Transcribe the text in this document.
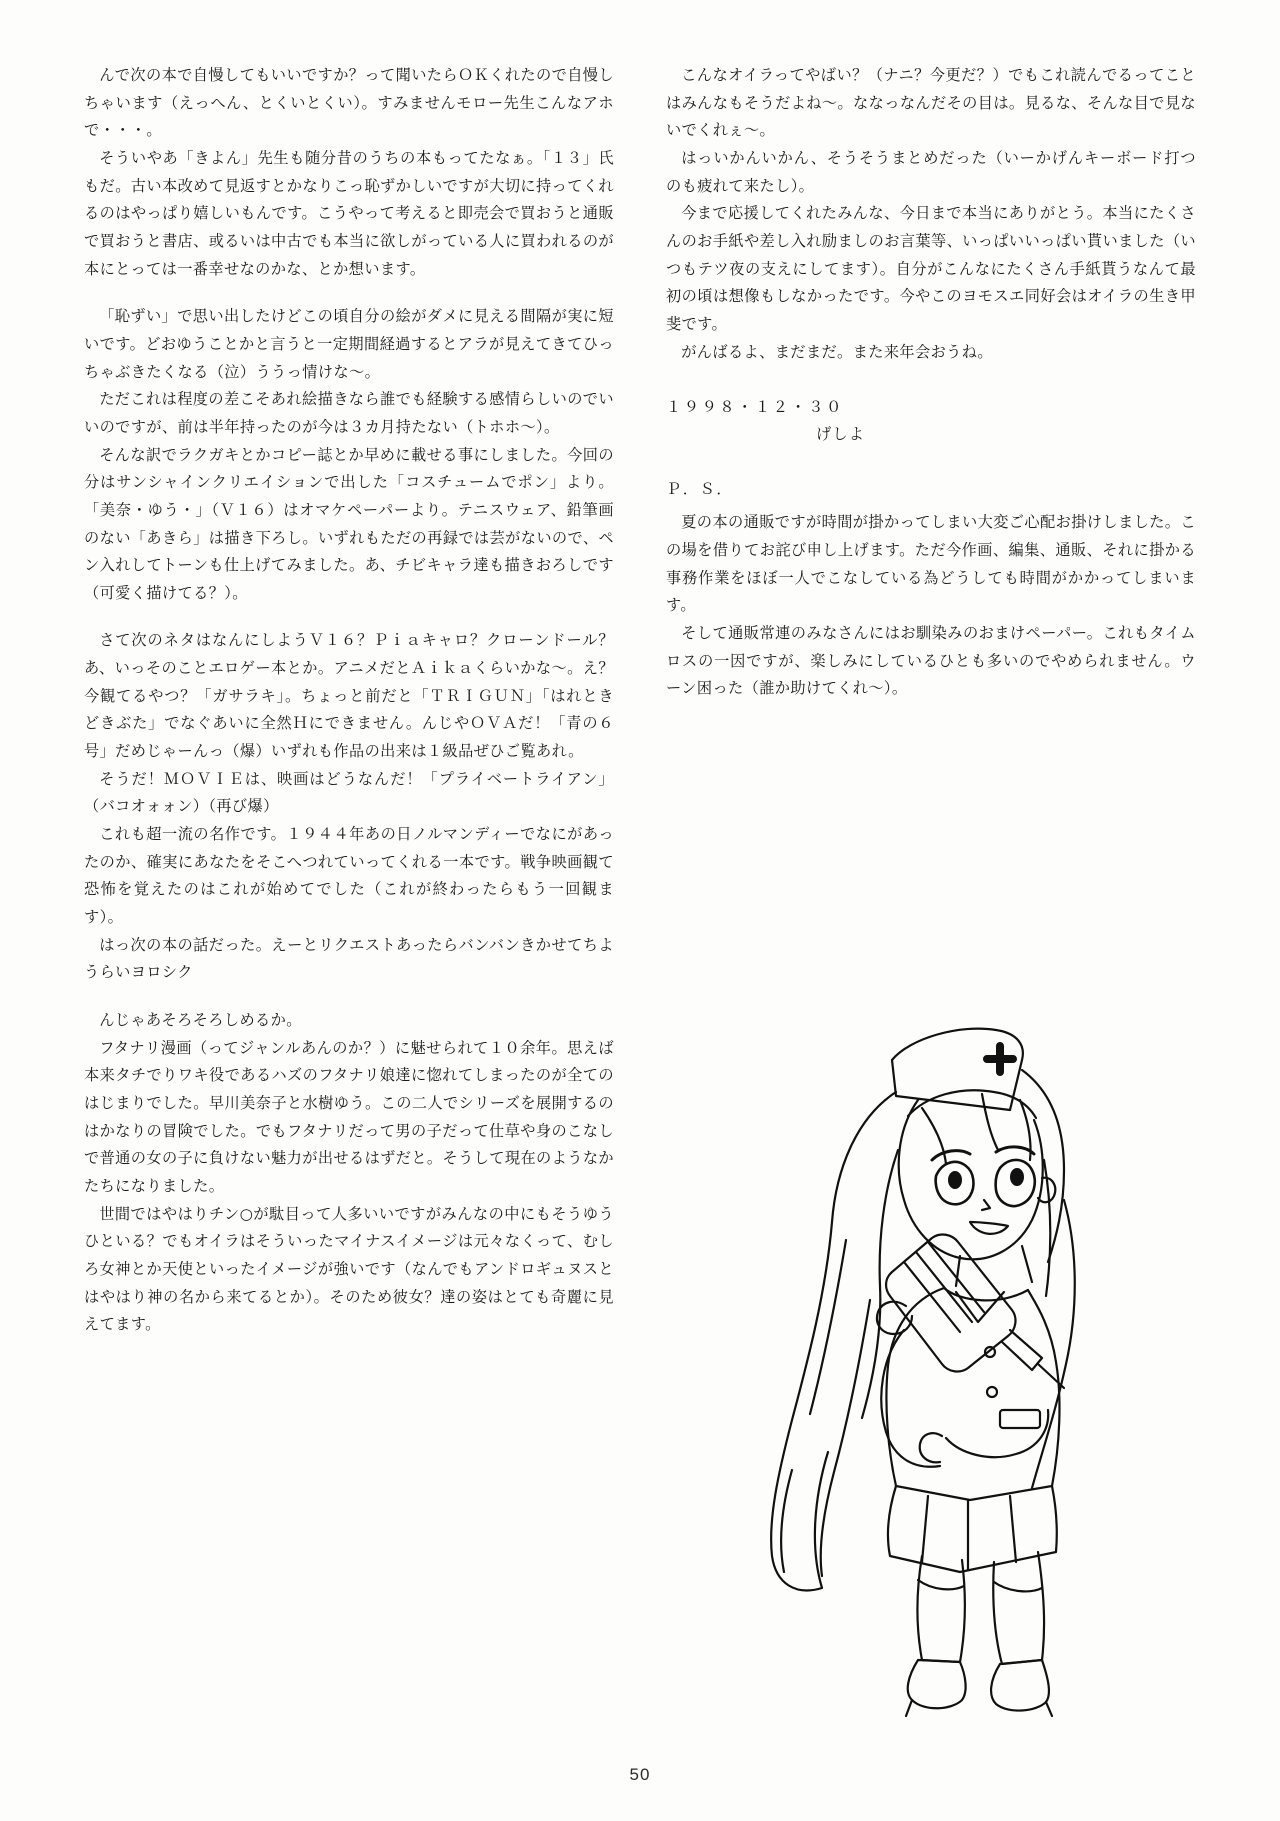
んで次の本で自慢してもいいですか？って聞いたらＯＫくれたので自慢しちゃいます（えっへん、とくいとくい）。すみませんモロー先生こんなアホで・・・。

そういやあ「きよん」先生も随分昔のうちの本もってたなぁ。「１３」氏もだ。古い本改めて見返すとかなりこっ恥ずかしいですが大切に持ってくれるのはやっぱり嬉しいもんです。こうやって考えると即売会で買おうと通販で買おうと書店、或るいは中古でも本当に欲しがっている人に買われるのが本にとっては一番幸せなのかな、とか想います。

「恥ずい」で思い出したけどこの頃自分の絵がダメに見える間隔が実に短いです。どおゆうことかと言うと一定期間経過するとアラが見えてきてひっちゃぶきたくなる（泣）ううっ情けな〜。

ただこれは程度の差こそあれ絵描きなら誰でも経験する感情らしいのでいいのですが、前は半年持ったのが今は３カ月持たない（トホホ〜）。

そんな訳でラクガキとかコピー誌とか早めに載せる事にしました。今回の分はサンシャインクリエイションで出した「コスチュームでポン」より。「美奈・ゆう・」（Ｖ１６）はオマケペーパーより。テニスウェア、鉛筆画のない「あきら」は描き下ろし。いずれもただの再録では芸がないので、ペン入れしてトーンも仕上げてみました。あ、チビキャラ達も描きおろしです（可愛く描けてる？）。

さて次のネタはなんにしようＶ１６？Ｐｉａキャロ？クローンドール？あ、いっそのことエロゲー本とか。アニメだとＡｉｋａくらいかな〜。え？今観てるやつ？「ガサラキ」。ちょっと前だと「ＴＲＩＧＵＮ」「はれときどきぶた」でなぐあいに全然Ｈにできません。んじやＯＶＡだ！「青の６号」だめじゃーんっ（爆）いずれも作品の出来は１級品ぜひご覧あれ。

そうだ！ＭＯＶＩＥは、映画はどうなんだ！「プライベートライアン」（バコオォォン）（再び爆）

これも超一流の名作です。１９４４年あの日ノルマンディーでなにがあったのか、確実にあなたをそこへつれていってくれる一本です。戦争映画観て恐怖を覚えたのはこれが始めてでした（これが終わったらもう一回観ます）。

はっ次の本の話だった。えーとリクエストあったらバンバンきかせてちようらいヨロシク

んじゃあそろそろしめるか。

フタナリ漫画（ってジャンルあんのか？）に魅せられて１０余年。思えば本来タチでりワキ役であるハズのフタナリ娘達に惚れてしまったのが全てのはじまりでした。早川美奈子と水樹ゆう。この二人でシリーズを展開するのはかなりの冒険でした。でもフタナリだって男の子だって仕草や身のこなしで普通の女の子に負けない魅力が出せるはずだと。そうして現在のようなかたちになりました。

世間ではやはりチン○が駄目って人多いいですがみんなの中にもそうゆうひといる？でもオイラはそういったマイナスイメージは元々なくって、むしろ女神とか天使といったイメージが強いです（なんでもアンドロギュヌスとはやはり神の名から来てるとか）。そのため彼女？達の姿はとても奇麗に見えてます。

こんなオイラってやばい？（ナニ？今更だ？）でもこれ読んでるってことはみんなもそうだよね〜。ななっなんだその目は。見るな、そんな目で見ないでくれぇ〜。

はっいかんいかん、そうそうまとめだった（いーかげんキーボード打つのも疲れて来たし）。

今まで応援してくれたみんな、今日まで本当にありがとう。本当にたくさんのお手紙や差し入れ励ましのお言葉等、いっぱいいっぱい貰いました（いつもテツ夜の支えにしてます）。自分がこんなにたくさん手紙貰うなんて最初の頃は想像もしなかったです。今やこのヨモスエ同好会はオイラの生き甲斐です。

がんばるよ、まだまだ。また来年会おうね。

１９９８・１２・３０
げしよ
Ｐ．Ｓ．

夏の本の通販ですが時間が掛かってしまい大変ご心配お掛けしました。この場を借りてお詫び申し上げます。ただ今作画、編集、通販、それに掛かる事務作業をほぼ一人でこなしている為どうしても時間がかかってしまいます。

そして通販常連のみなさんにはお馴染みのおまけペーパー。これもタイムロスの一因ですが、楽しみにしているひとも多いのでやめられません。ウーン困った（誰か助けてくれ〜）。

50
